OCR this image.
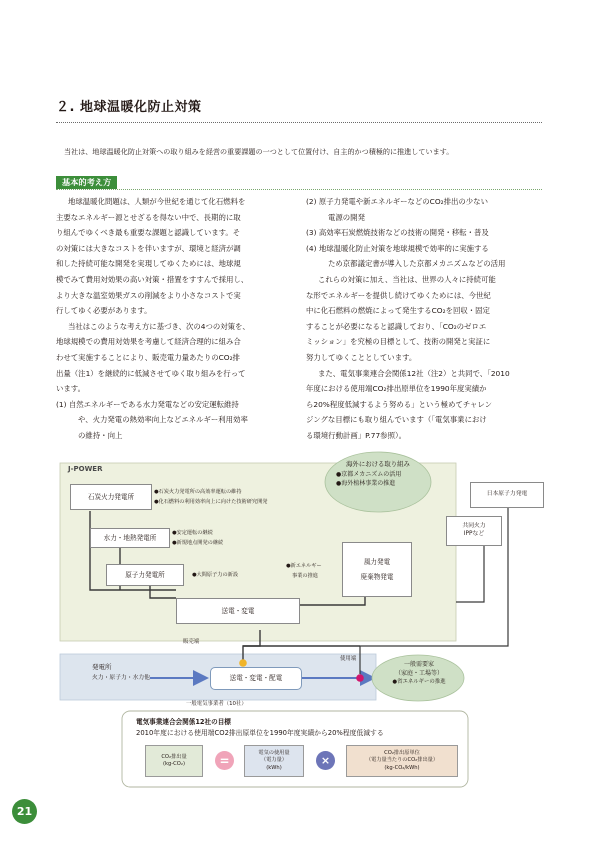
２. 地球温暖化防止対策
当社は、地球温暖化防止対策への取り組みを経営の重要課題の一つとして位置付け、自主的かつ積極的に推進しています。
基本的考え方

地球温暖化問題は、人類が今世紀を通じて化石燃料を

主要なエネルギー源とせざるを得ない中で、長期的に取

り組んでゆくべき最も重要な課題と認識しています。そ

の対策には大きなコストを伴いますが、環境と経済が調

和した持続可能な開発を実現してゆくためには、地球規

模でみて費用対効果の高い対策・措置をすすんで採用し、

より大きな温室効果ガスの削減をより小さなコストで実

行してゆく必要があります。

当社はこのような考え方に基づき、次の4つの対策を、

地球規模での費用対効果を考慮して経済合理的に組み合

わせて実施することにより、販売電力量あたりのCO₂排

出量（注1）を継続的に低減させてゆく取り組みを行って

います。

(1) 自然エネルギーである水力発電などの安定運転維持

や、火力発電の熱効率向上などエネルギー利用効率

の維持・向上

(2) 原子力発電や新エネルギーなどのCO₂排出の少ない

電源の開発

(3) 高効率石炭燃焼技術などの技術の開発・移転・普及

(4) 地球温暖化防止対策を地球規模で効率的に実施する

ため京都議定書が導入した京都メカニズムなどの活用

これらの対策に加え、当社は、世界の人々に持続可能

な形でエネルギーを提供し続けてゆくためには、今世紀

中に化石燃料の燃焼によって発生するCO₂を回収・固定

することが必要になると認識しており、「CO₂のゼロエ

ミッション」を究極の目標として、技術の開発と実証に

努力してゆくこととしています。

また、電気事業連合会関係12社（注2）と共同で、「2010

年度における使用端CO₂排出原単位を1990年度実績か

ら20%程度低減するよう努める」という極めてチャレン

ジングな目標にも取り組んでいます（「電気事業におけ

る環境行動計画」P.77参照）。

J-POWER
石炭火力発電所
●石炭火力発電所の高効率運転の維持
●化石燃料の利用効率向上に向けた技術研究開発
水力・地熱発電所
●安定運転の継続
●新規地点開発の継続
原子力発電所	●大間原子力の新設
●新エネルギー
事業の推進
風力発電
廃棄物発電
送電・変電
海外における取り組み
●京都メカニズムの活用
●海外植林事業の推進
日本原子力発電
共同火力
IPPなど
販売端
使用端
発電所
火力・原子力・水力他	送電・変電・配電
一般電気事業者（10社）
一般需要家
（家庭・工場等）
●省エネルギーの推進
電気事業連合会関係12社の目標
2010年度における使用端CO2排出原単位を1990年度実績から20%程度低減する
CO₂排出量
(kg-CO₂)	=
電気の使用量
（電力量）
(kWh)
×
CO₂排出原単位
（電力量当たりのCO₂排出量）
(kg-CO₂/kWh)
21
